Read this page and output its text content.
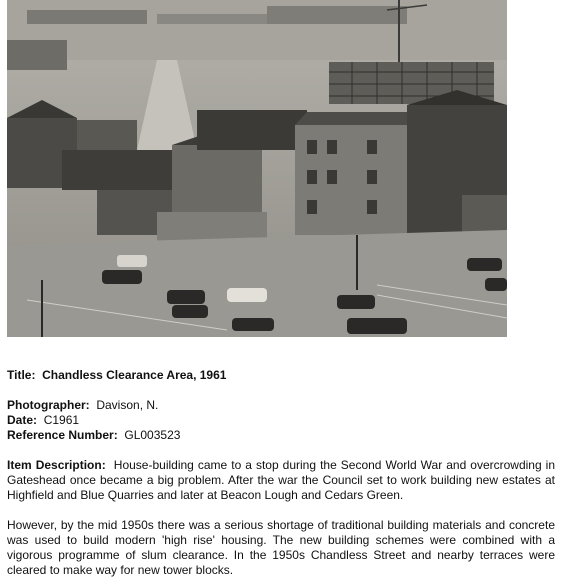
Title: Chandless Clearance Area, 1961
Photographer: Davison, N.
Date: C1961
Reference Number: GL003523

Item Description: House-building came to a stop during the Second World War and overcrowding in Gateshead once became a big problem. After the war the Council set to work building new estates at Highfield and Blue Quarries and later at Beacon Lough and Cedars Green.

However, by the mid 1950s there was a serious shortage of traditional building materials and concrete was used to build modern 'high rise' housing. The new building schemes were combined with a vigorous programme of slum clearance. In the 1950s Chandless Street and nearby terraces were cleared to make way for new tower blocks.
